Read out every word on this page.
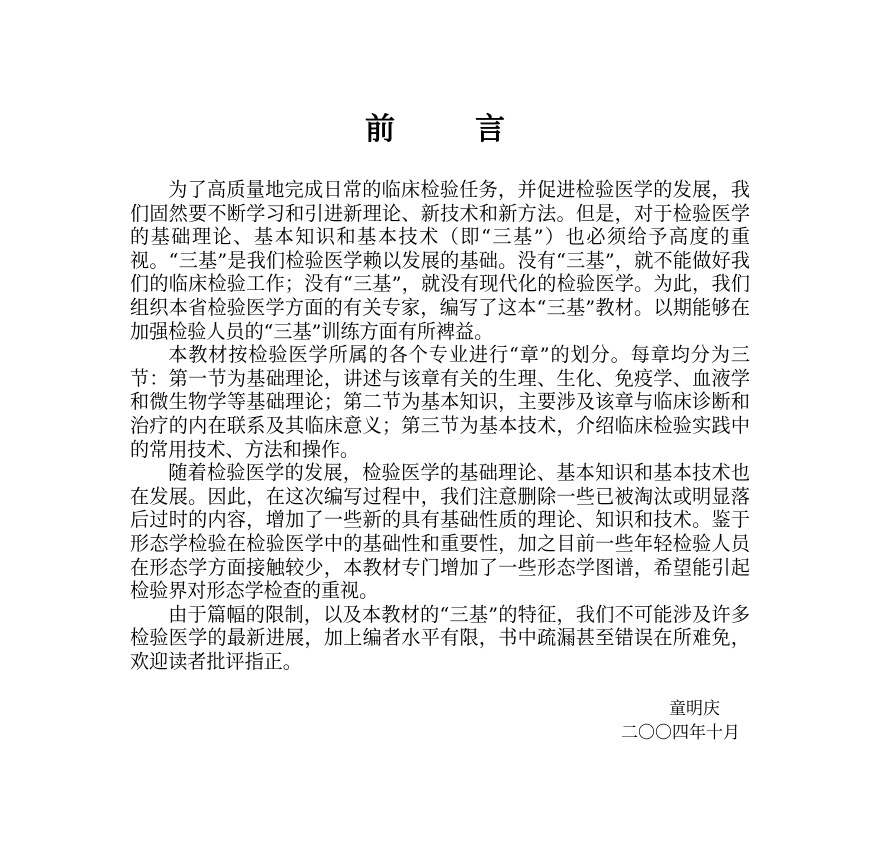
前	言

为了高质量地完成日常的临床检验任务，并促进检验医学的发展，我们固然要不断学习和引进新理论、新技术和新方法。但是，对于检验医学的基础理论、基本知识和基本技术（即“三基”）也必须给予高度的重视。“三基”是我们检验医学赖以发展的基础。没有“三基”，就不能做好我们的临床检验工作；没有“三基”，就没有现代化的检验医学。为此，我们组织本省检验医学方面的有关专家，编写了这本“三基”教材。以期能够在加强检验人员的“三基”训练方面有所裨益。

本教材按检验医学所属的各个专业进行“章”的划分。每章均分为三节：第一节为基础理论，讲述与该章有关的生理、生化、免疫学、血液学和微生物学等基础理论；第二节为基本知识，主要涉及该章与临床诊断和治疗的内在联系及其临床意义；第三节为基本技术，介绍临床检验实践中的常用技术、方法和操作。

随着检验医学的发展，检验医学的基础理论、基本知识和基本技术也在发展。因此，在这次编写过程中，我们注意删除一些已被淘汰或明显落后过时的内容，增加了一些新的具有基础性质的理论、知识和技术。鉴于形态学检验在检验医学中的基础性和重要性，加之目前一些年轻检验人员在形态学方面接触较少，本教材专门增加了一些形态学图谱，希望能引起检验界对形态学检查的重视。

由于篇幅的限制，以及本教材的“三基”的特征，我们不可能涉及许多检验医学的最新进展，加上编者水平有限，书中疏漏甚至错误在所难免，欢迎读者批评指正。

童明庆
二〇〇四年十月
